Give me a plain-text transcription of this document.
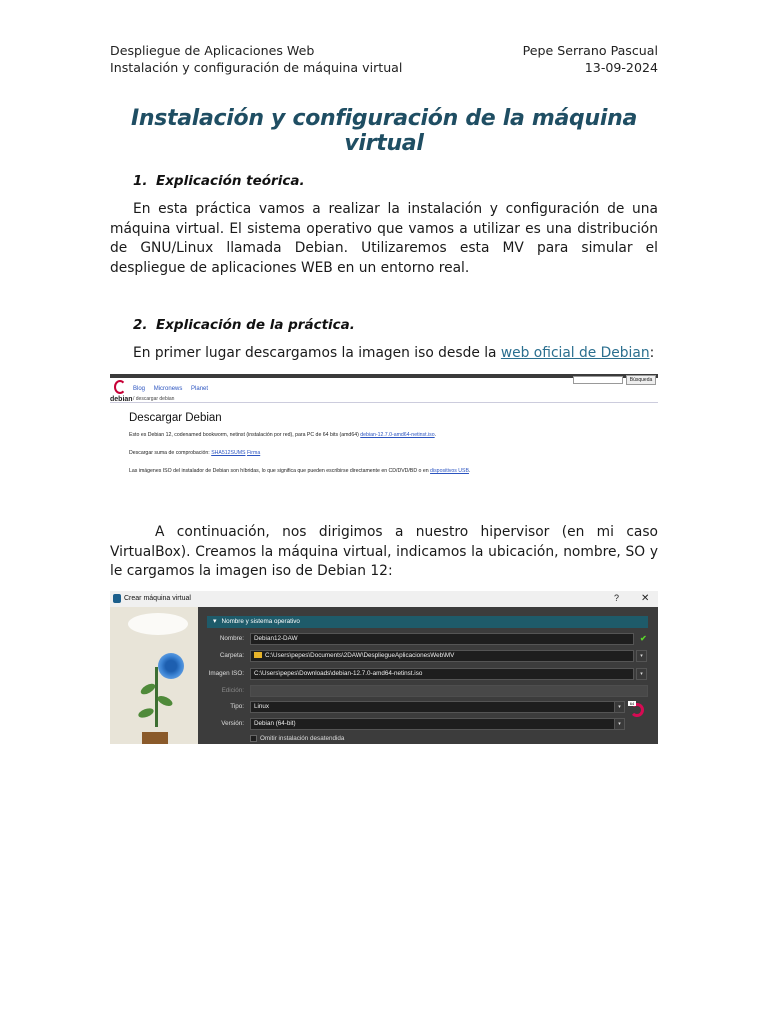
Despliegue de Aplicaciones Web	Pepe Serrano Pascual
Instalación y configuración de máquina virtual	13-09-2024
Instalación y configuración de la máquina virtual
1. Explicación teórica.

En esta práctica vamos a realizar la instalación y configuración de una máquina virtual. El sistema operativo que vamos a utilizar es una distribución de GNU/Linux llamada Debian. Utilizaremos esta MV para simular el despliegue de aplicaciones WEB en un entorno real.

2. Explicación de la práctica.

En primer lugar descargamos la imagen iso desde la web oficial de Debian:

debian
Blog Micronews Planet
Búsqueda
/ descargar debian
Descargar Debian
Esto es Debian 12, codenamed bookworm, netinst (instalación por red), para PC de 64 bits (amd64) debian-12.7.0-amd64-netinst.iso.
Descargar suma de comprobación: SHA512SUMS Firma
Las imágenes ISO del instalador de Debian son híbridas, lo que significa que pueden escribirse directamente en CD/DVD/BD o en dispositivos USB.

A continuación, nos dirigimos a nuestro hipervisor (en mi caso VirtualBox). Creamos la máquina virtual, indicamos la ubicación, nombre, SO y le cargamos la imagen iso de Debian 12:

Crear máquina virtual	? ✕
▾ Nombre y sistema operativo
Nombre:	Debian12-DAW	✔
Carpeta:	C:\Users\pepes\Documents\2DAW\DespliegueAplicacionesWeb\MV	▾
Imagen ISO:	C:\Users\pepes\Downloads\debian-12.7.0-amd64-netinst.iso	▾
Edición:
Tipo:	Linux	▾
Versión:	Debian (64-bit)	▾
64
Omitir instalación desatendida
